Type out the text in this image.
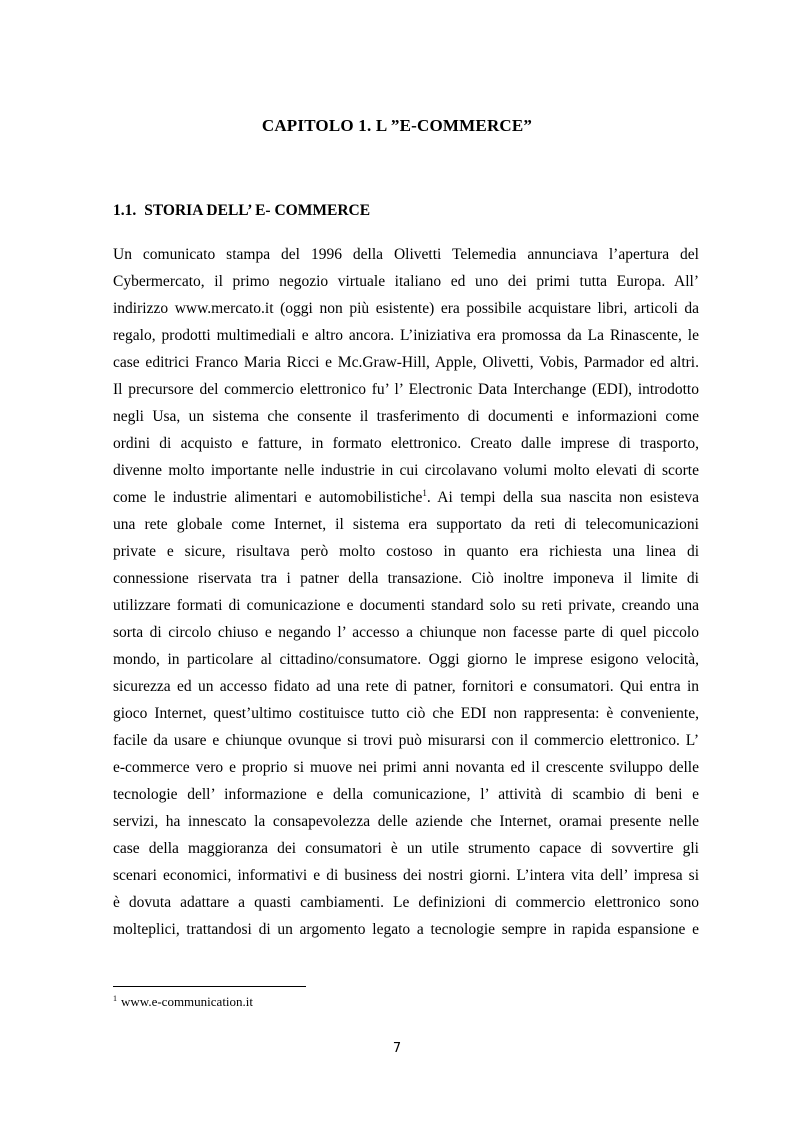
CAPITOLO 1. L ”E-COMMERCE”
1.1. STORIA DELL’ E- COMMERCE
Un comunicato stampa del 1996 della Olivetti Telemedia annunciava l’apertura del
Cybermercato, il primo negozio virtuale italiano ed uno dei primi tutta Europa. All’
indirizzo www.mercato.it (oggi non più esistente) era possibile acquistare libri, articoli da
regalo, prodotti multimediali e altro ancora. L’iniziativa era promossa da La Rinascente, le
case editrici Franco Maria Ricci e Mc.Graw-Hill, Apple, Olivetti, Vobis, Parmador ed altri.
Il precursore del commercio elettronico fu’ l’ Electronic Data Interchange (EDI), introdotto
negli Usa, un sistema che consente il trasferimento di documenti e informazioni come
ordini di acquisto e fatture, in formato elettronico. Creato dalle imprese di trasporto,
divenne molto importante nelle industrie in cui circolavano volumi molto elevati di scorte
come le industrie alimentari e automobilistiche$^1$. Ai tempi della sua nascita non esisteva
una rete globale come Internet, il sistema era supportato da reti di telecomunicazioni
private e sicure, risultava però molto costoso in quanto era richiesta una linea di
connessione riservata tra i patner della transazione. Ciò inoltre imponeva il limite di
utilizzare formati di comunicazione e documenti standard solo su reti private, creando una
sorta di circolo chiuso e negando l’ accesso a chiunque non facesse parte di quel piccolo
mondo, in particolare al cittadino/consumatore. Oggi giorno le imprese esigono velocità,
sicurezza ed un accesso fidato ad una rete di patner, fornitori e consumatori. Qui entra in
gioco Internet, quest’ultimo costituisce tutto ciò che EDI non rappresenta: è conveniente,
facile da usare e chiunque ovunque si trovi può misurarsi con il commercio elettronico. L’
e-commerce vero e proprio si muove nei primi anni novanta ed il crescente sviluppo delle
tecnologie dell’ informazione e della comunicazione, l’ attività di scambio di beni e
servizi, ha innescato la consapevolezza delle aziende che Internet, oramai presente nelle
case della maggioranza dei consumatori è un utile strumento capace di sovvertire gli
scenari economici, informativi e di business dei nostri giorni. L’intera vita dell’ impresa si
è dovuta adattare a quasti cambiamenti. Le definizioni di commercio elettronico sono
molteplici, trattandosi di un argomento legato a tecnologie sempre in rapida espansione e
$^1$ www.e-communication.it
7
